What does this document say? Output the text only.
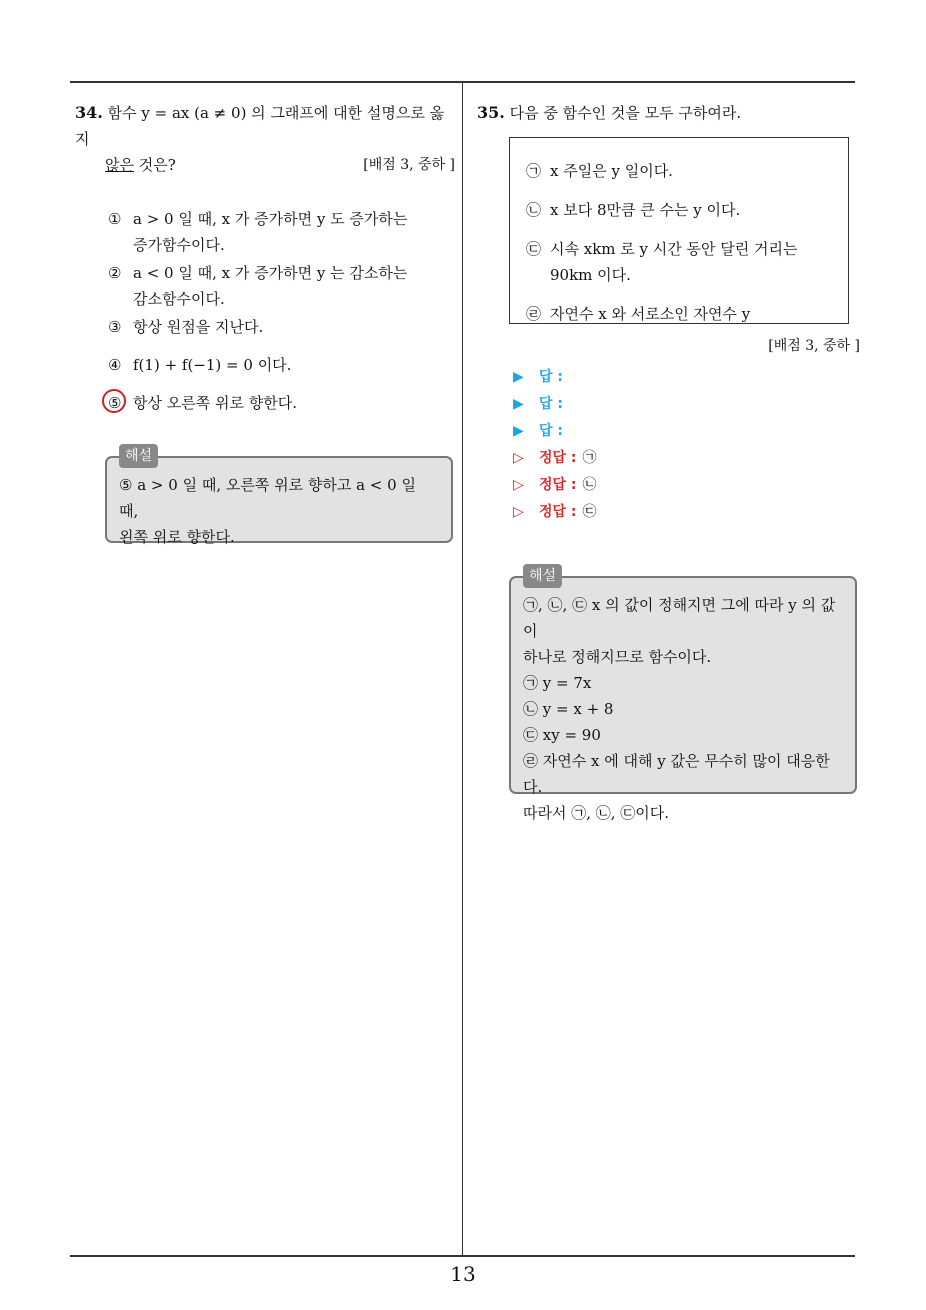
34. 함수 y = ax (a ≠ 0) 의 그래프에 대한 설명으로 옳지

않은 것은?	[배점 3, 중하 ]
① a > 0 일 때, x 가 증가하면 y 도 증가하는
증가함수이다.
② a < 0 일 때, x 가 증가하면 y 는 감소하는
감소함수이다.
③ 항상 원점을 지난다.
④ f(1) + f(−1) = 0 이다.
⑤ 항상 오른쪽 위로 향한다.
해설
⑤ a > 0 일 때, 오른쪽 위로 향하고 a < 0 일 때,
왼쪽 위로 향한다.

35. 다음 중 함수인 것을 모두 구하여라.

㉠ x 주일은 y 일이다.
㉡ x 보다 8만큼 큰 수는 y 이다.
㉢ 시속 xkm 로 y 시간 동안 달린 거리는
90km 이다.
㉣ 자연수 x 와 서로소인 자연수 y
[배점 3, 중하 ]
▶ 답 :
▶ 답 :
▶ 답 :
▷ 정답 : ㉠
▷ 정답 : ㉡
▷ 정답 : ㉢
해설
㉠, ㉡, ㉢ x 의 값이 정해지면 그에 따라 y 의 값이
하나로 정해지므로 함수이다.
㉠ y = 7x
㉡ y = x + 8
㉢ xy = 90
㉣ 자연수 x 에 대해 y 값은 무수히 많이 대응한다.
따라서 ㉠, ㉡, ㉢이다.
13
